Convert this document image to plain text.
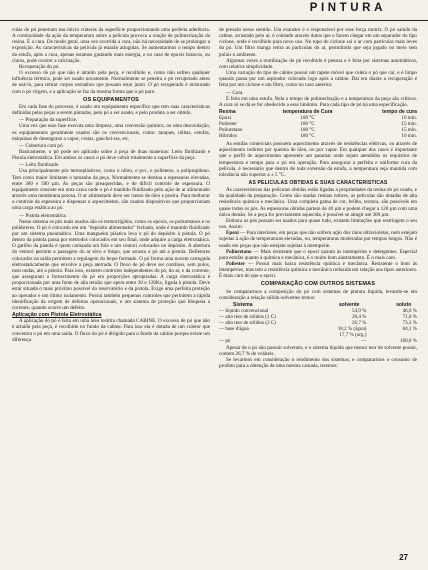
PINTURA

culas do pó penetram nas micro crateras da superfície proporcionando uma perfeita aderência. A continuidade da ação da temperatura sobre a película provoca a reação de polimerização da resina. É a cura. De modo geral, uma vez ocorrida a cura, não há necessidade de se prolongar a exposição. As características da película já estarão atingidas. Se aumentarmos o tempo dentro da estufa, após a cura, apenas estamos gastando mais energia, e no caso de epoxis brancos, ou claros, pode ocorrer a calcinação.

Recuperação do pó.

O excesso de pó que não é atraído pela peça, é recolhido e, como não sofreu qualquer influência térmica, pode ser usado novamente. Normalmente se peneira o pó recuperado antes de usá-lo, para retirar corpos estranhos que possam estar junto. O pó recuperado é misturado com o pó virgem, e a aplicação se faz da mesma forma que o pó puro.

OS EQUIPAMENTOS

Em cada fase do processo, é usado um equipamento específico que tem suas características definidas pelas peças a serem pintadas, pelo pó a ser usado, e pelo produto a ser obtido.

— Preparação da superfície.

Uma vez que esse fase executa uma limpeza, uma conversão química, ou uma desoxidação, os equipamentos geralmente usados são os convencionais, como: tanques, túlhas, estufas, máquinas de desengraxe a vapor, cestas, ganchei-ras, etc.

— Cobertura com pó.

Basicamente, o pó pode ser aplicado sobre a peça de duas maneiras: Leito fluidizado e Pistola eletrostática. Em ambos os casos o pó deve cobrir totalmente a superfície da peça.

— Leito fluidizado

Usa principalmente pós termoplásticos, como o nilon, o pvc, o polieteno, o polipropileno. Tem como maior limitante o tamanho da peça. Normalmente se destina a espessuras elevadas, entre 300 e 500 µm. As peças são preaquecidas, e de difícil controle de espessura. O equipamento consiste em uma caixa onde o pó é mantido fluidizado pelo ação de ar alimentado através uma membrana porosa. O ar alimentado deve ser isento de óleo e poeira. Para melhorar o controle da espessura e dispensar o aquecimento, são usados dispositivos que proporcionam uma carga estática ao pó.

— Pistola eletrostática.

Nesse sistema os pós mais usados são os termorrígidos, como os epoxis, os poliuretanos e os poliésteres. O pó é colocado em um "depósito alimentador" fechado, onde é mantido fluidizado por um sistema pneumático. Uma mangueira plástica leva o pó do depósito à pistola. O pó dentro da pistola passa por eletrodos colocados em seu final, onde adquire a carga eletrostática. O gatilho da pistola é quem comanda um fole e um ventori colocados no depósito. A abertura do ventori permite a passagem do ar sêco e limpo, que arrasta o pó até a pistola. Defletores colocados na saída permitem a regulagem do leque formado. O pó forma uma nuvem carregada eletrostaticamente que envolve a peça aterrada. O fluxo de pó deve ser contínuo, sem pulos, nem ondas, até a pistola. Para isso, existem controles independentes do pó, do ar, e da corrente, que asseguram o fornecimento do pó em proporções apropriadas. A carga eletrostática é proporcionada por uma fonte de alta tensão que opera entre 30 e 120Kv, ligada à pistola. Deve estar situada o mais próximo possível do reservatório e da pistola. Exige uma perfeita proteção ao operador e um ótimo isolamento. Possui também pequenos controles que permitem a rápida identificação da origem de defeitos operacionais, e um sistema de proteção que bloqueia a corrente, quando ocorre um defeito.

Aplicação com Pistola Eletrostática

A aplicação do pó é feita em uma área restrita chamada CABINE. O excesso de pó que não é atraído pela peça, é recolhido no fundo da cabine. Para isso ela é dotada de um coletor que concentra o pó em uma saída. O fluxo do pó é dirigido para o fundo da cabine porque existe um diferença

de pressão nesse sentido. Um exaustor é o responsável por esse força motriz. O pó saindo da cabine, arrastado pelo ar, é coletado através dutos que o fazem chegar em um separador do tipo ciclone, onde é recolhido para novo uso. No topo do ciclone sai o ar com partículas mais leves do pó. Um filtro manga retira as partículas do ar, permitindo que seja jogado no meio sem poluir o ambiente.

Algumas vezes a reutilização do pó recolhido é penosa e é feita por sistemas automáticos, com relativa simplicidade.

Uma variação do tipo de cabine possui um tapete móvel que coleta o pó que cai, e é limpo quando passa por um aspirador colocado logo após a cabine. Daí em diante a recuperação é feita por um ciclone e um filtro, como no caso anterior.

— Cura

É feita em uma estufa. Nela o tempo de polimerização e a temperatura da peça são críticos. A cura só se dá se for obedecido a esse binômio. Para cada tipo de pó há uma especificação.

Resina	temperatura de Cura	tempo de cura
Epoxi	180 °C	10 min.
Poliester	180 °C	15 min.
Poliuretano	180 °C	15 min.
Hibridos	180 °C	10 min.

As estufas comerciais possuem aquecimento através de resistências elétricas, ou através de aquecimento indireto por queima de óleo, ou por vapor. Em qualquer dos casos é importante que o perfil de aquecimento apresente um patamar onde sejam atendidos os requisitos de temperatura e tempo para o pó em operação. Para assegurar a perfeita e uniforme cura da película, é necessário que dentro de toda extensão da estufa, a temperatura seja mantida com tolerância não superior a ± 5 °C.

AS PELICULAS OBTIDAS E SUAS CARACTERISTICAS

As características das películas obtidas estão ligadas a propriedades da resina do pó usado, e da qualidade da preparação. Como são usadas resinas nobres, as películas são dotadas de alta resistência química e mecânica. Uma completa gama de cor, brilho, textura, são possíveis em quase todos os pós. As espessuras obtidas partem de 40 µm e podem chegar a 120 µm com uma única demão. Se a peça for previamente aquecida, é possível se atingir até 300 µm.

Embora os pós possam ser usados para quase tudo, existem limitações que restringem o seu uso. Assim:

Epoxi — Para interiores, em peças que não sofrem ação dos raios ultravioletas, nem estejam sujeitas à ação de temperaturas elevadas, ou, temperaturas moderadas por tempos longos. Não é usado em peças que não estejam sujeitas à intempérie.

Poliuretano — Mais resistente que o epoxi quanto às intempéries e detergentes. Especial para estufas quanto à química e mecânica, é o muito bom alastramento. É o mais caro.

Poliester — Possui mais baixa resistência química e mecânica. Resistente o bom às intempéries, mas tem a resistência química e mecânica reduzida em relação aos tipos anteriores. É mais caro do que o epoxi.

COMPARAÇÃO COM OUTROS SISTEMAS

Se compararmos a composição do pó com sistemas de pintura líquida, levando-se em consideração a relação sólido-solventes temos:

Sistema	solvente	soluto
— líquido convencional	54,0 %	46,0 %
— alto teor de sólidos (1 C)	28,4 %	71,6 %
— alto teor de sólidos (2 C)	26,7 %	73,3 %
— base d'água	18,2 % (água)	64,1 %
	17,7 % (org.)	
— pó	—	100,0 %

Apesar de o pó não possuir solventes, e o sistema líquido que menor teor de solvente possui, contem 26,7 % de voláteis.

Se levarmos em consideração o rendimento dos sistemas, e compararmos o consumo de produto para a obtenção de uma mesma camada, teremos:

27
